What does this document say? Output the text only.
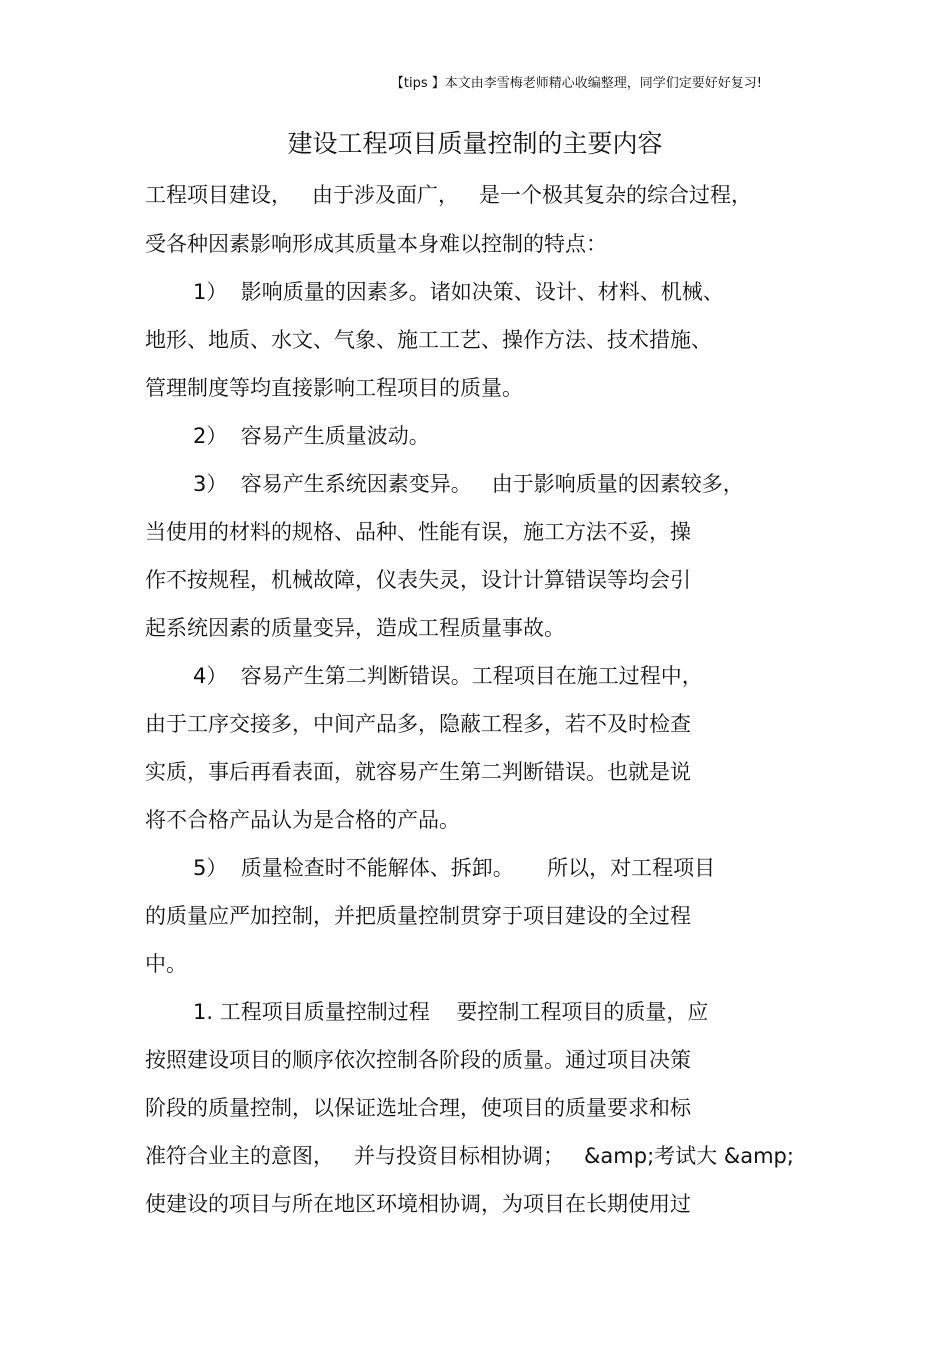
【tips 】本文由李雪梅老师精心收编整理，同学们定要好好复习!
建设工程项目质量控制的主要内容
工程项目建设，   由于涉及面广，   是一个极其复杂的综合过程，
受各种因素影响形成其质量本身难以控制的特点：
1）  影响质量的因素多。诸如决策、设计、材料、机械、
地形、地质、水文、气象、施工工艺、操作方法、技术措施、
管理制度等均直接影响工程项目的质量。
2）  容易产生质量波动。
3）  容易产生系统因素变异。   由于影响质量的因素较多，
当使用的材料的规格、品种、性能有误，施工方法不妥，操
作不按规程，机械故障，仪表失灵，设计计算错误等均会引
起系统因素的质量变异，造成工程质量事故。
4）  容易产生第二判断错误。工程项目在施工过程中，
由于工序交接多，中间产品多，隐蔽工程多，若不及时检查
实质，事后再看表面，就容易产生第二判断错误。也就是说
将不合格产品认为是合格的产品。
5）  质量检查时不能解体、拆卸。     所以，对工程项目
的质量应严加控制，并把质量控制贯穿于项目建设的全过程
中。
1. 工程项目质量控制过程    要控制工程项目的质量，应
按照建设项目的顺序依次控制各阶段的质量。通过项目决策
阶段的质量控制，以保证选址合理，使项目的质量要求和标
准符合业主的意图，   并与投资目标相协调；   &amp;考试大 &amp;
使建设的项目与所在地区环境相协调，为项目在长期使用过
